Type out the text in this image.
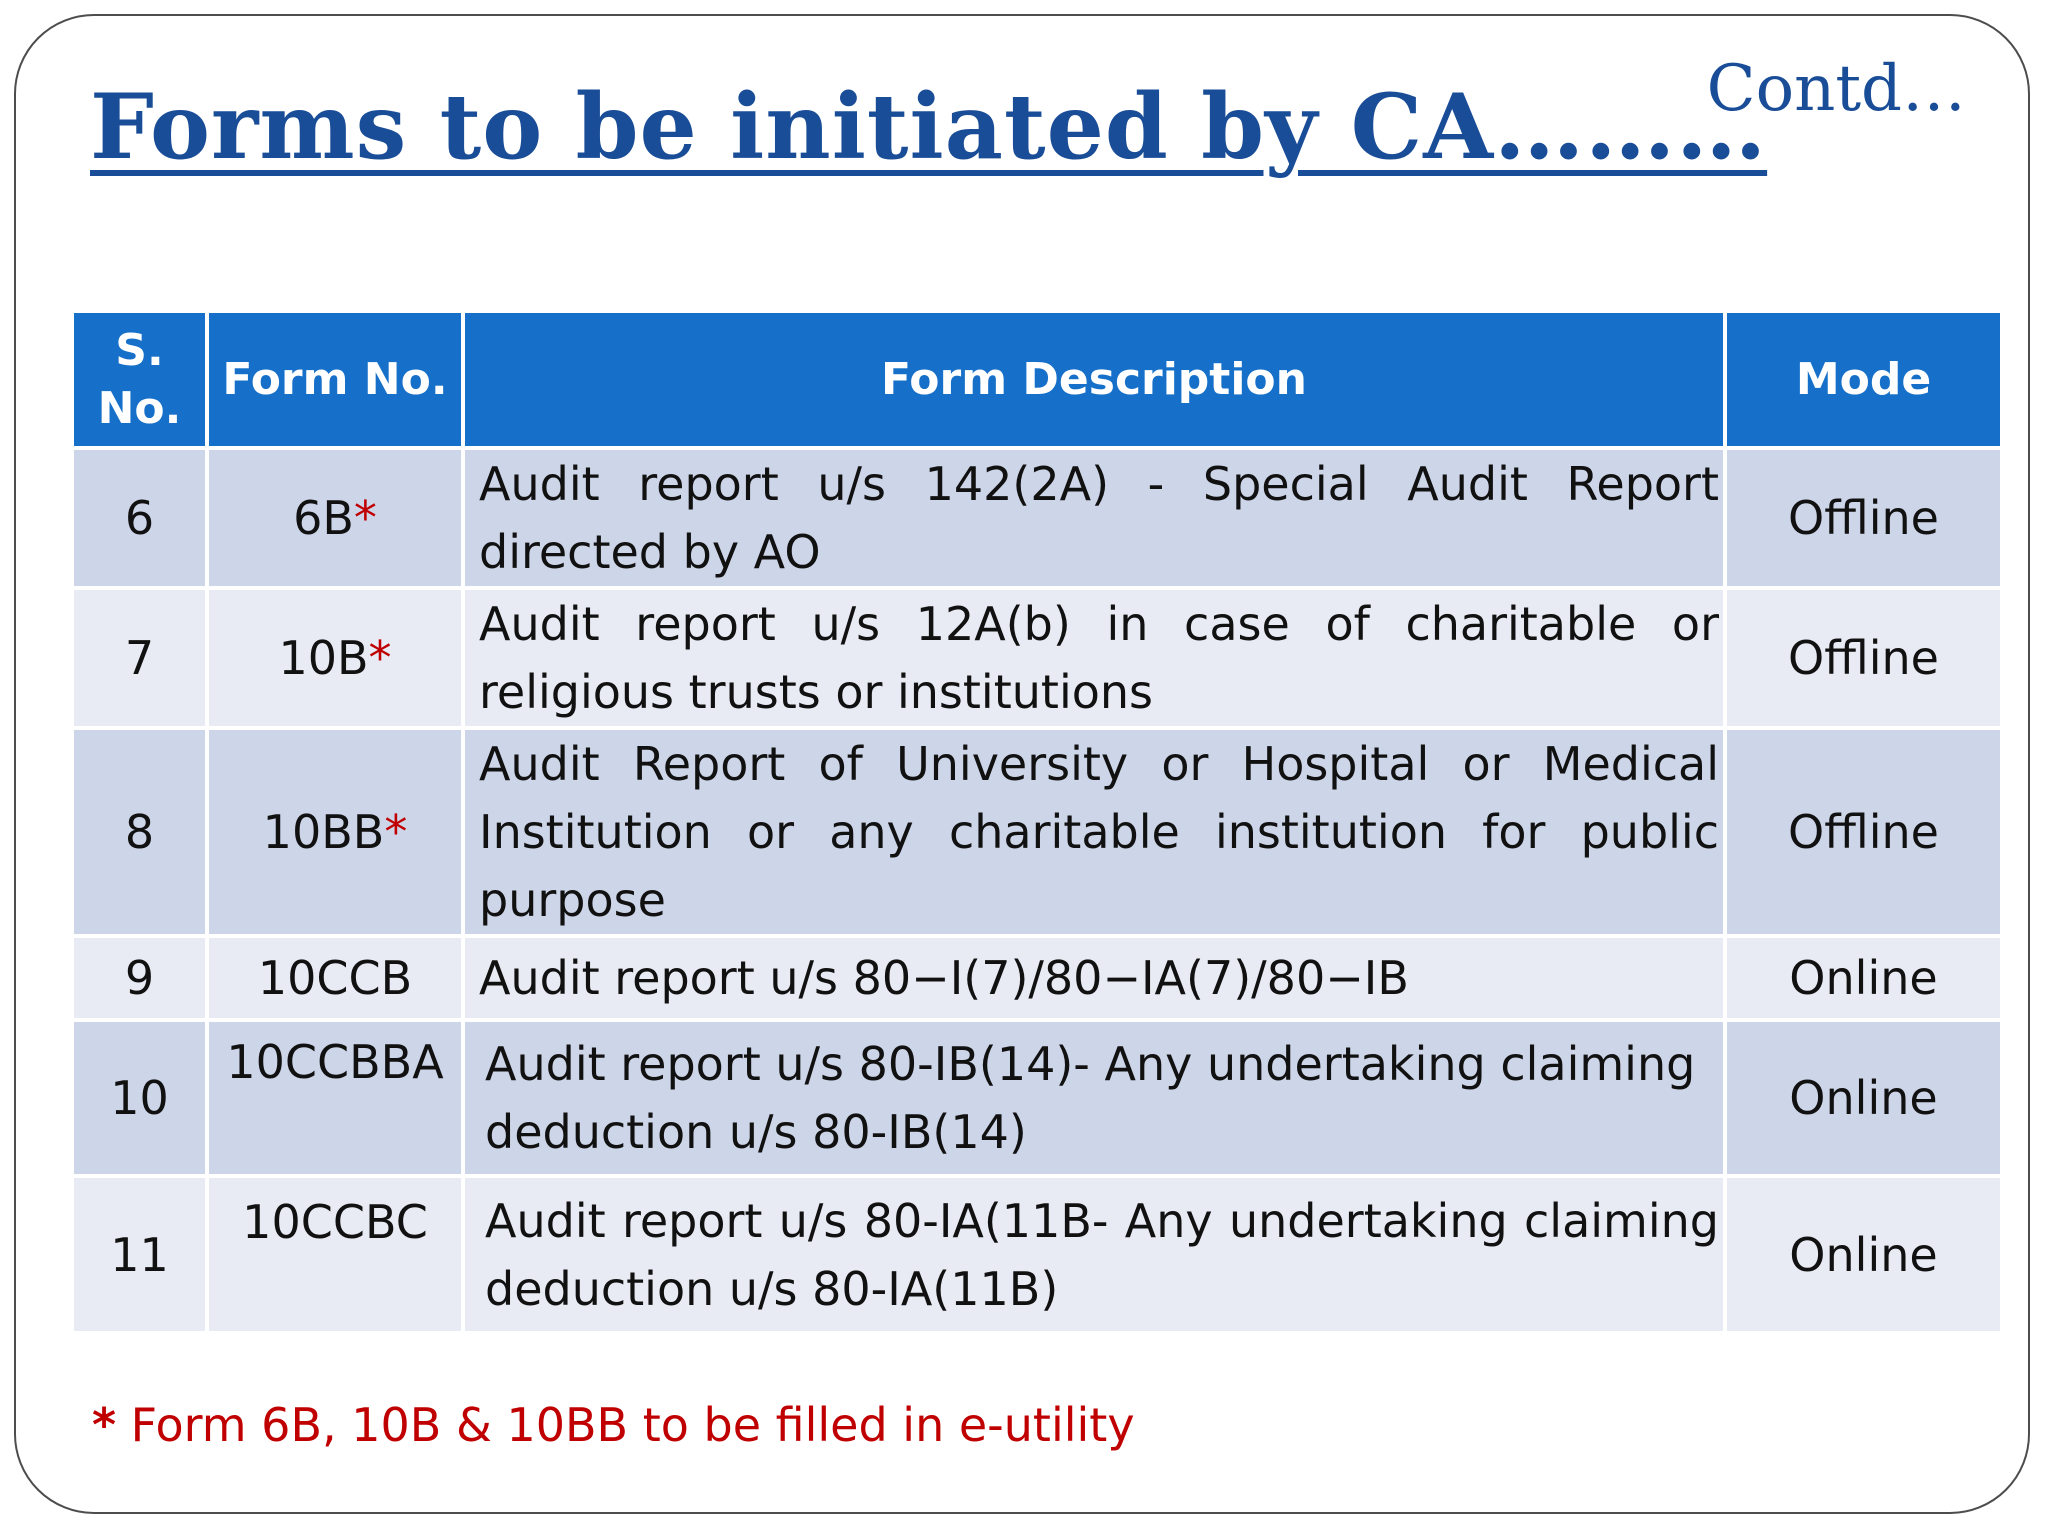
Forms to be initiated by CA………
Contd…
S. No.	Form No.	Form Description	Mode
6	6B*	Audit report u/s 142(2A) - Special Audit Report directed by AO	Offline
7	10B*	Audit report u/s 12A(b) in case of charitable or religious trusts or institutions	Offline
8	10BB*	Audit Report of University or Hospital or Medical Institution or any charitable institution for public purpose	Offline
9	10CCB	Audit report u/s 80−I(7)/80−IA(7)/80−IB	Online
10	10CCBBA	Audit report u/s 80-IB(14)- Any undertaking claiming deduction u/s 80-IB(14)	Online
11	10CCBC	Audit report u/s 80-IA(11B- Any undertaking claiming deduction u/s 80-IA(11B)	Online
* Form 6B, 10B & 10BB to be filled in e-utility
